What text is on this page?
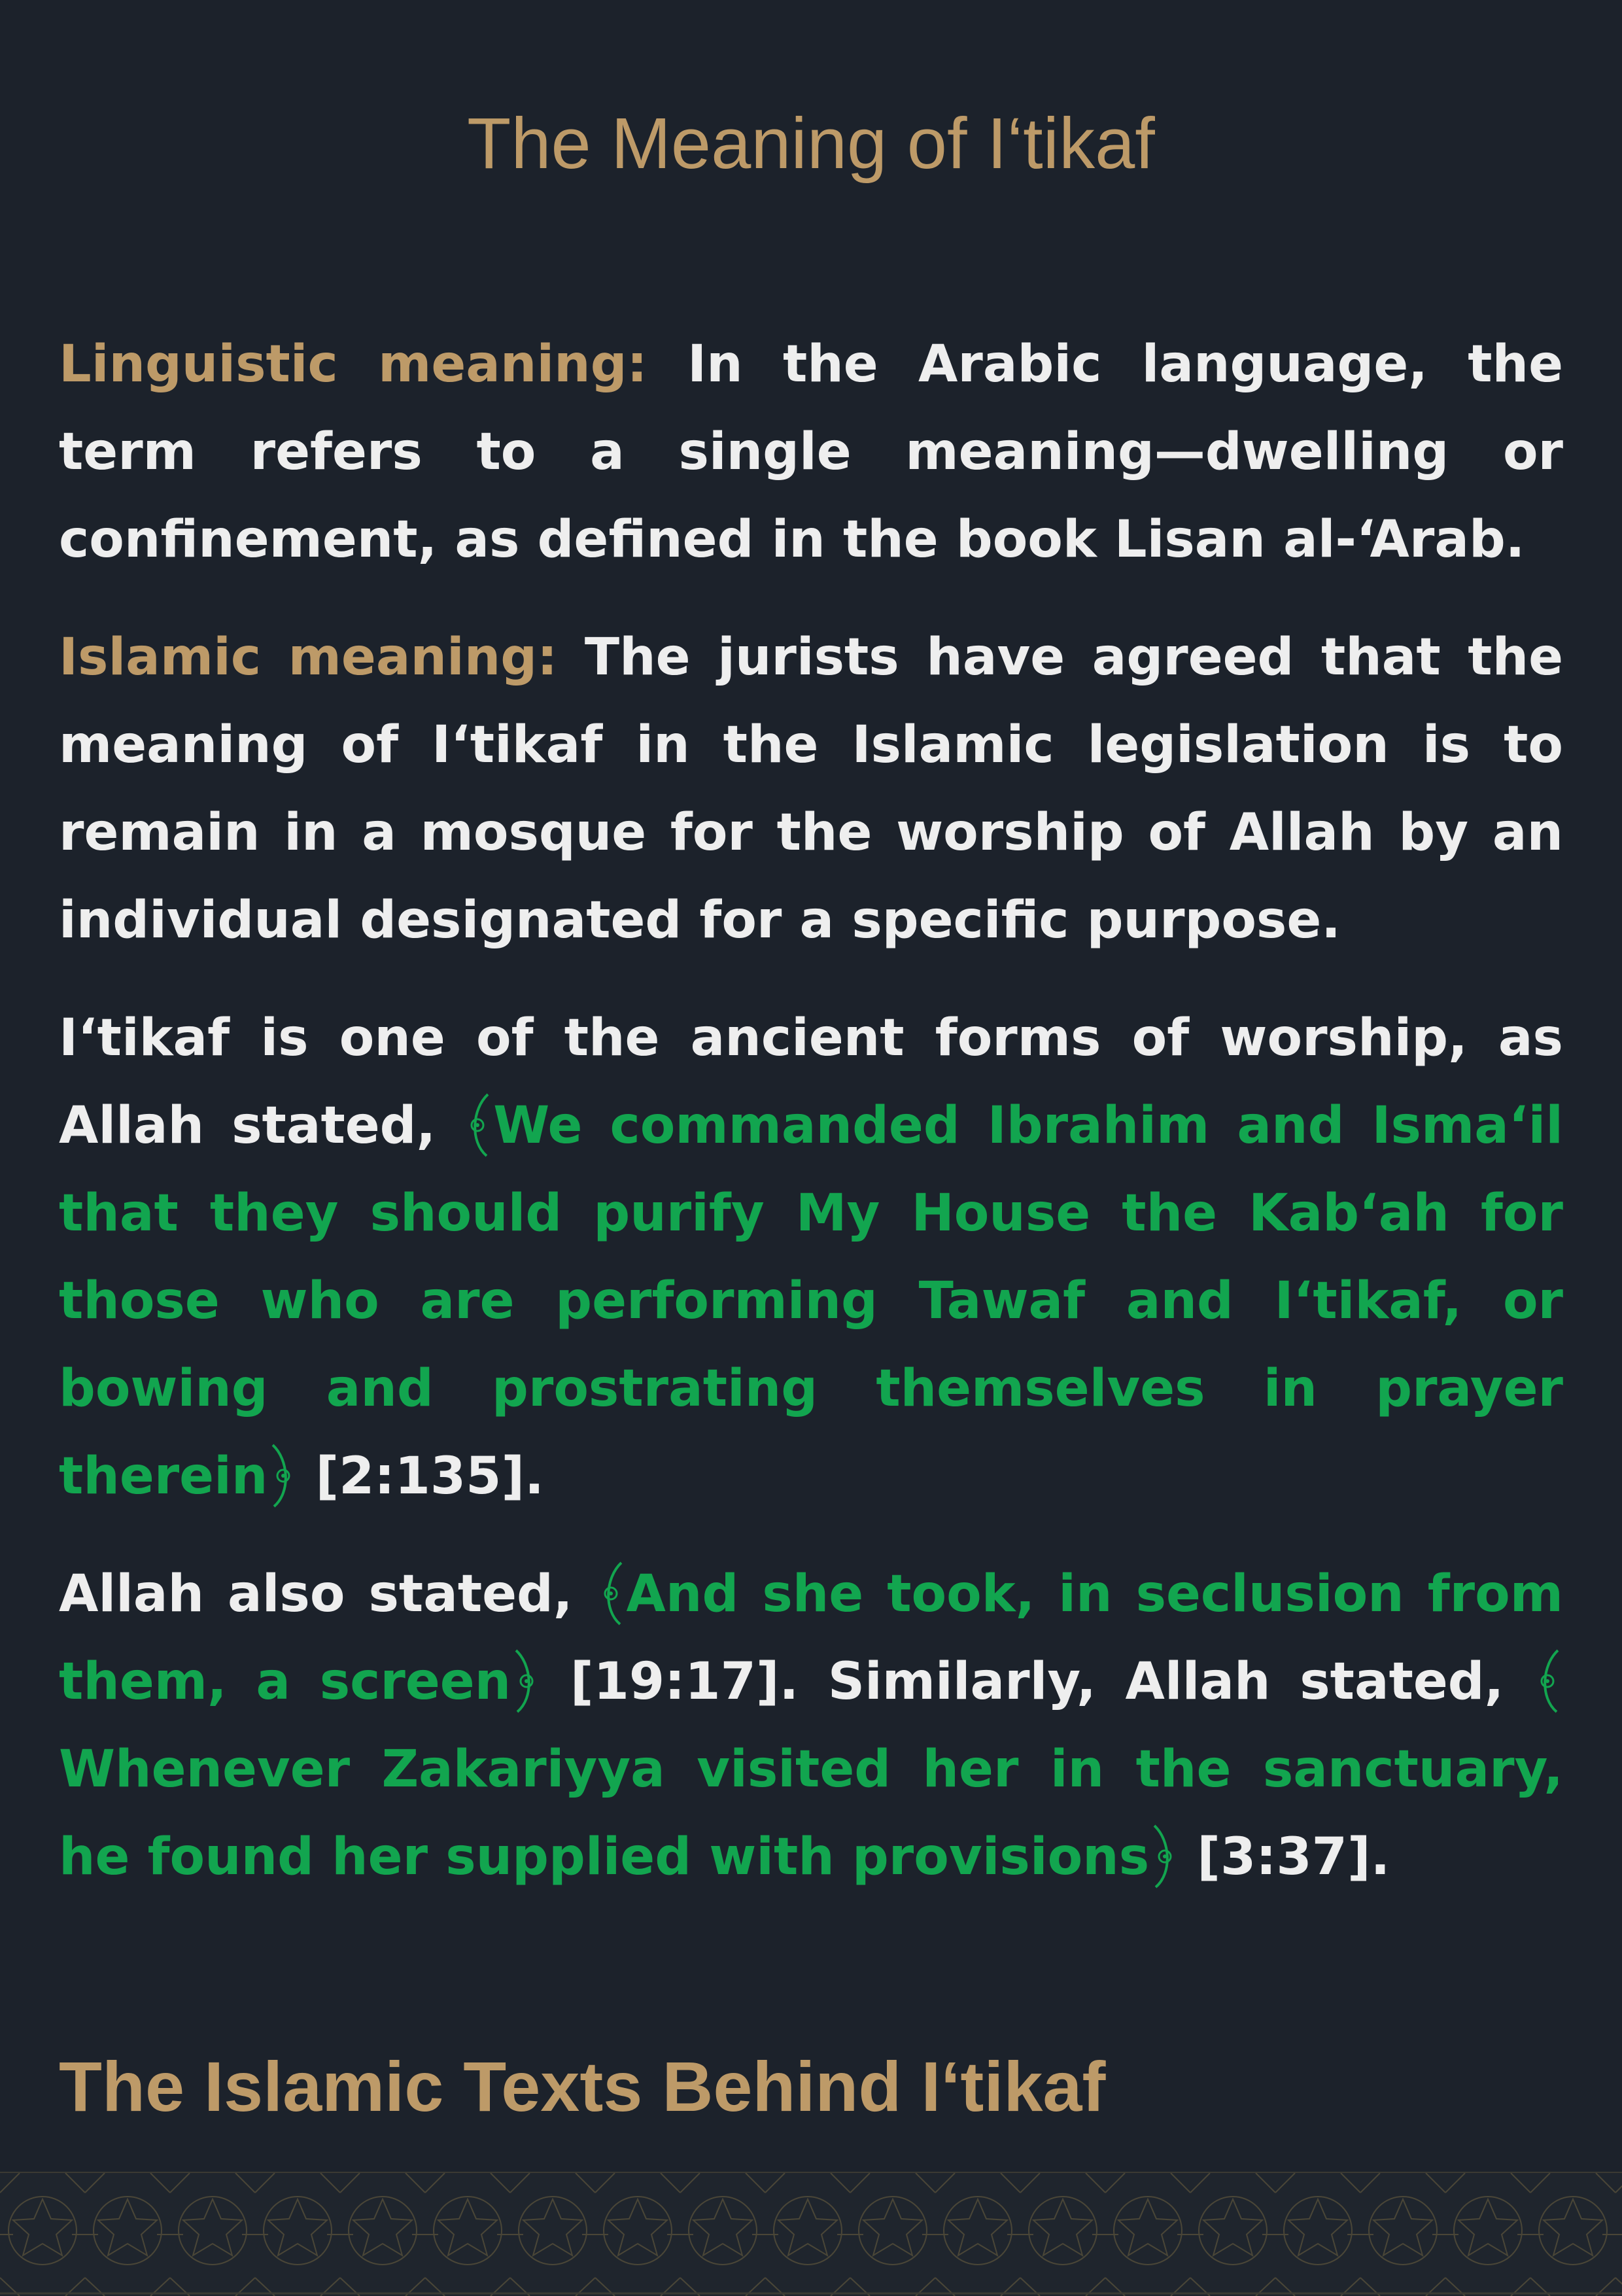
The Meaning of I‘tikaf

Linguistic meaning: In the Arabic language, the term refers to a single meaning—dwelling or confinement, as defined in the book Lisan al-‘Arab.

Islamic meaning: The jurists have agreed that the meaning of I‘tikaf in the Islamic legislation is to remain in a mosque for the worship of Allah by an individual designated for a specific purpose.

I‘tikaf is one of the ancient forms of worship, as Allah stated,
We commanded Ibrahim and Isma‘il that they should purify My House the Kab‘ah for those who are performing Tawaf and I‘tikaf, or bowing and prostrating themselves in prayer therein
[2:135].

Allah also stated,
And she took, in seclusion from them, a screen
[19:17]. Similarly, Allah stated,
Whenever Zakariyya visited her in the sanctuary, he found her supplied with provisions
[3:37].

The Islamic Texts Behind I‘tikaf
